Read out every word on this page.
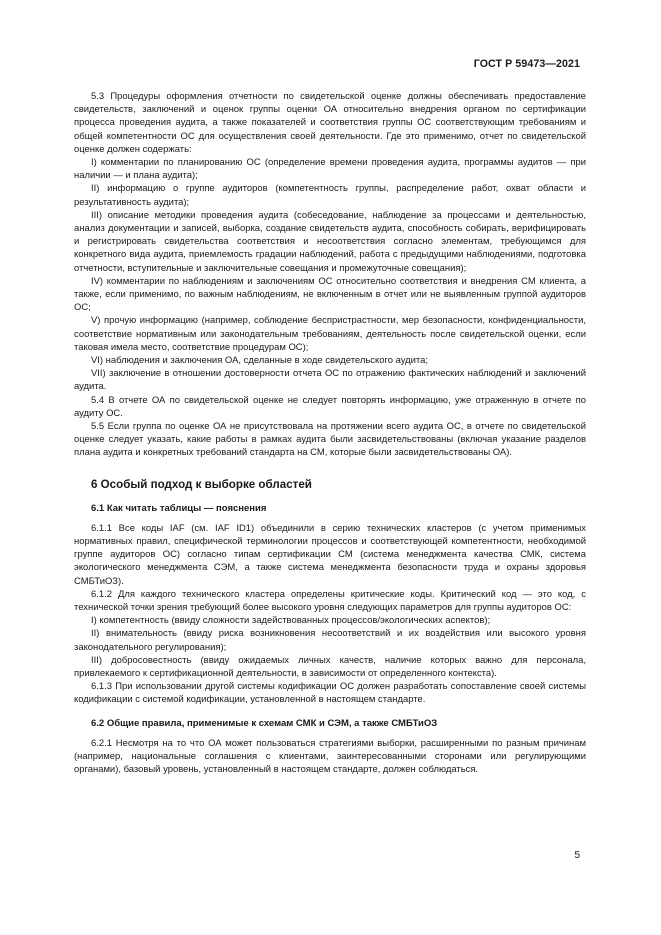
ГОСТ Р 59473—2021

5.3 Процедуры оформления отчетности по свидетельской оценке должны обеспечивать предоставление свидетельств, заключений и оценок группы оценки ОА относительно внедрения органом по сертификации процесса проведения аудита, а также показателей и соответствия группы ОС соответствующим требованиям и общей компетентности ОС для осуществления своей деятельности. Где это применимо, отчет по свидетельской оценке должен содержать:

I) комментарии по планированию ОС (определение времени проведения аудита, программы аудитов — при наличии — и плана аудита);

II) информацию о группе аудиторов (компетентность группы, распределение работ, охват области и результативность аудита);

III) описание методики проведения аудита (собеседование, наблюдение за процессами и деятельностью, анализ документации и записей, выборка, создание свидетельств аудита, способность собирать, верифицировать и регистрировать свидетельства соответствия и несоответствия согласно элементам, требующимся для конкретного вида аудита, приемлемость градации наблюдений, работа с предыдущими наблюдениями, подготовка отчетности, вступительные и заключительные совещания и промежуточные совещания);

IV) комментарии по наблюдениям и заключениям ОС относительно соответствия и внедрения СМ клиента, а также, если применимо, по важным наблюдениям, не включенным в отчет или не выявленным группой аудиторов ОС;

V) прочую информацию (например, соблюдение беспристрастности, мер безопасности, конфиденциальности, соответствие нормативным или законодательным требованиям, деятельность после свидетельской оценки, если таковая имела место, соответствие процедурам ОС);

VI) наблюдения и заключения ОА, сделанные в ходе свидетельского аудита;

VII) заключение в отношении достоверности отчета ОС по отражению фактических наблюдений и заключений аудита.

5.4 В отчете ОА по свидетельской оценке не следует повторять информацию, уже отраженную в отчете по аудиту ОС.

5.5 Если группа по оценке ОА не присутствовала на протяжении всего аудита ОС, в отчете по свидетельской оценке следует указать, какие работы в рамках аудита были засвидетельствованы (включая указание разделов плана аудита и конкретных требований стандарта на СМ, которые были засвидетельствованы ОА).

6 Особый подход к выборке областей
6.1 Как читать таблицы — пояснения

6.1.1 Все коды IAF (см. IAF ID1) объединили в серию технических кластеров (с учетом применимых нормативных правил, специфической терминологии процессов и соответствующей компетентности, необходимой группе аудиторов ОС) согласно типам сертификации СМ (система менеджмента качества СМК, система экологического менеджмента СЭМ, а также система менеджмента безопасности труда и охраны здоровья СМБТиОЗ).

6.1.2 Для каждого технического кластера определены критические коды. Критический код — это код, с технической точки зрения требующий более высокого уровня следующих параметров для группы аудиторов ОС:

I) компетентность (ввиду сложности задействованных процессов/экологических аспектов);

II) внимательность (ввиду риска возникновения несоответствий и их воздействия или высокого уровня законодательного регулирования);

III) добросовестность (ввиду ожидаемых личных качеств, наличие которых важно для персонала, привлекаемого к сертификационной деятельности, в зависимости от определенного контекста).

6.1.3 При использовании другой системы кодификации ОС должен разработать сопоставление своей системы кодификации с системой кодификации, установленной в настоящем стандарте.

6.2 Общие правила, применимые к схемам СМК и СЭМ, а также СМБТиОЗ

6.2.1 Несмотря на то что ОА может пользоваться стратегиями выборки, расширенными по разным причинам (например, национальные соглашения с клиентами, заинтересованными сторонами или регулирующими органами), базовый уровень, установленный в настоящем стандарте, должен соблюдаться.

5
